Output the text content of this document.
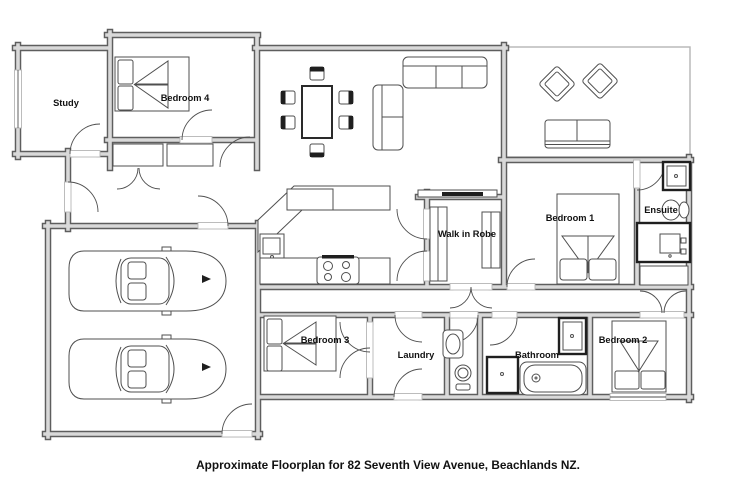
Study	Bedroom 4
Walk in Robe
Bedroom 1
Ensuite
Bedroom 3
Laundry	Bathroom
Bedroom 2
Approximate Floorplan for 82 Seventh View Avenue, Beachlands NZ.
